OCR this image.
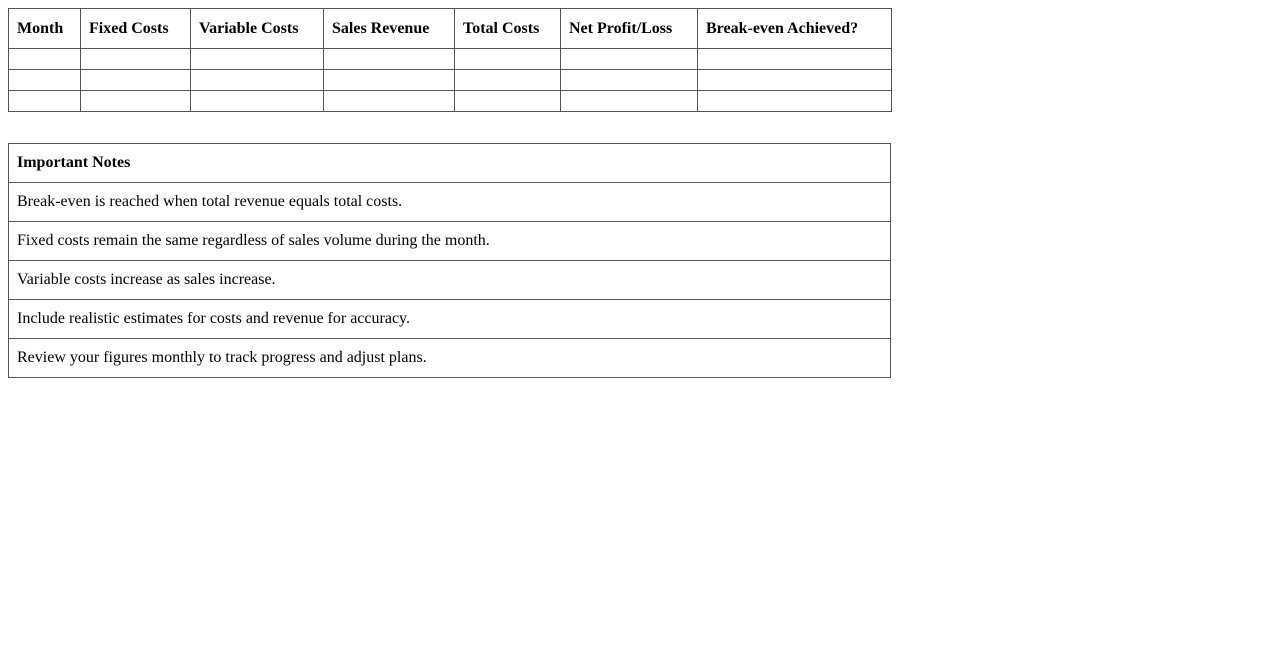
Month	Fixed Costs	Variable Costs	Sales Revenue	Total Costs	Net Profit/Loss	Break-even Achieved?

Important Notes
Break-even is reached when total revenue equals total costs.
Fixed costs remain the same regardless of sales volume during the month.
Variable costs increase as sales increase.
Include realistic estimates for costs and revenue for accuracy.
Review your figures monthly to track progress and adjust plans.
